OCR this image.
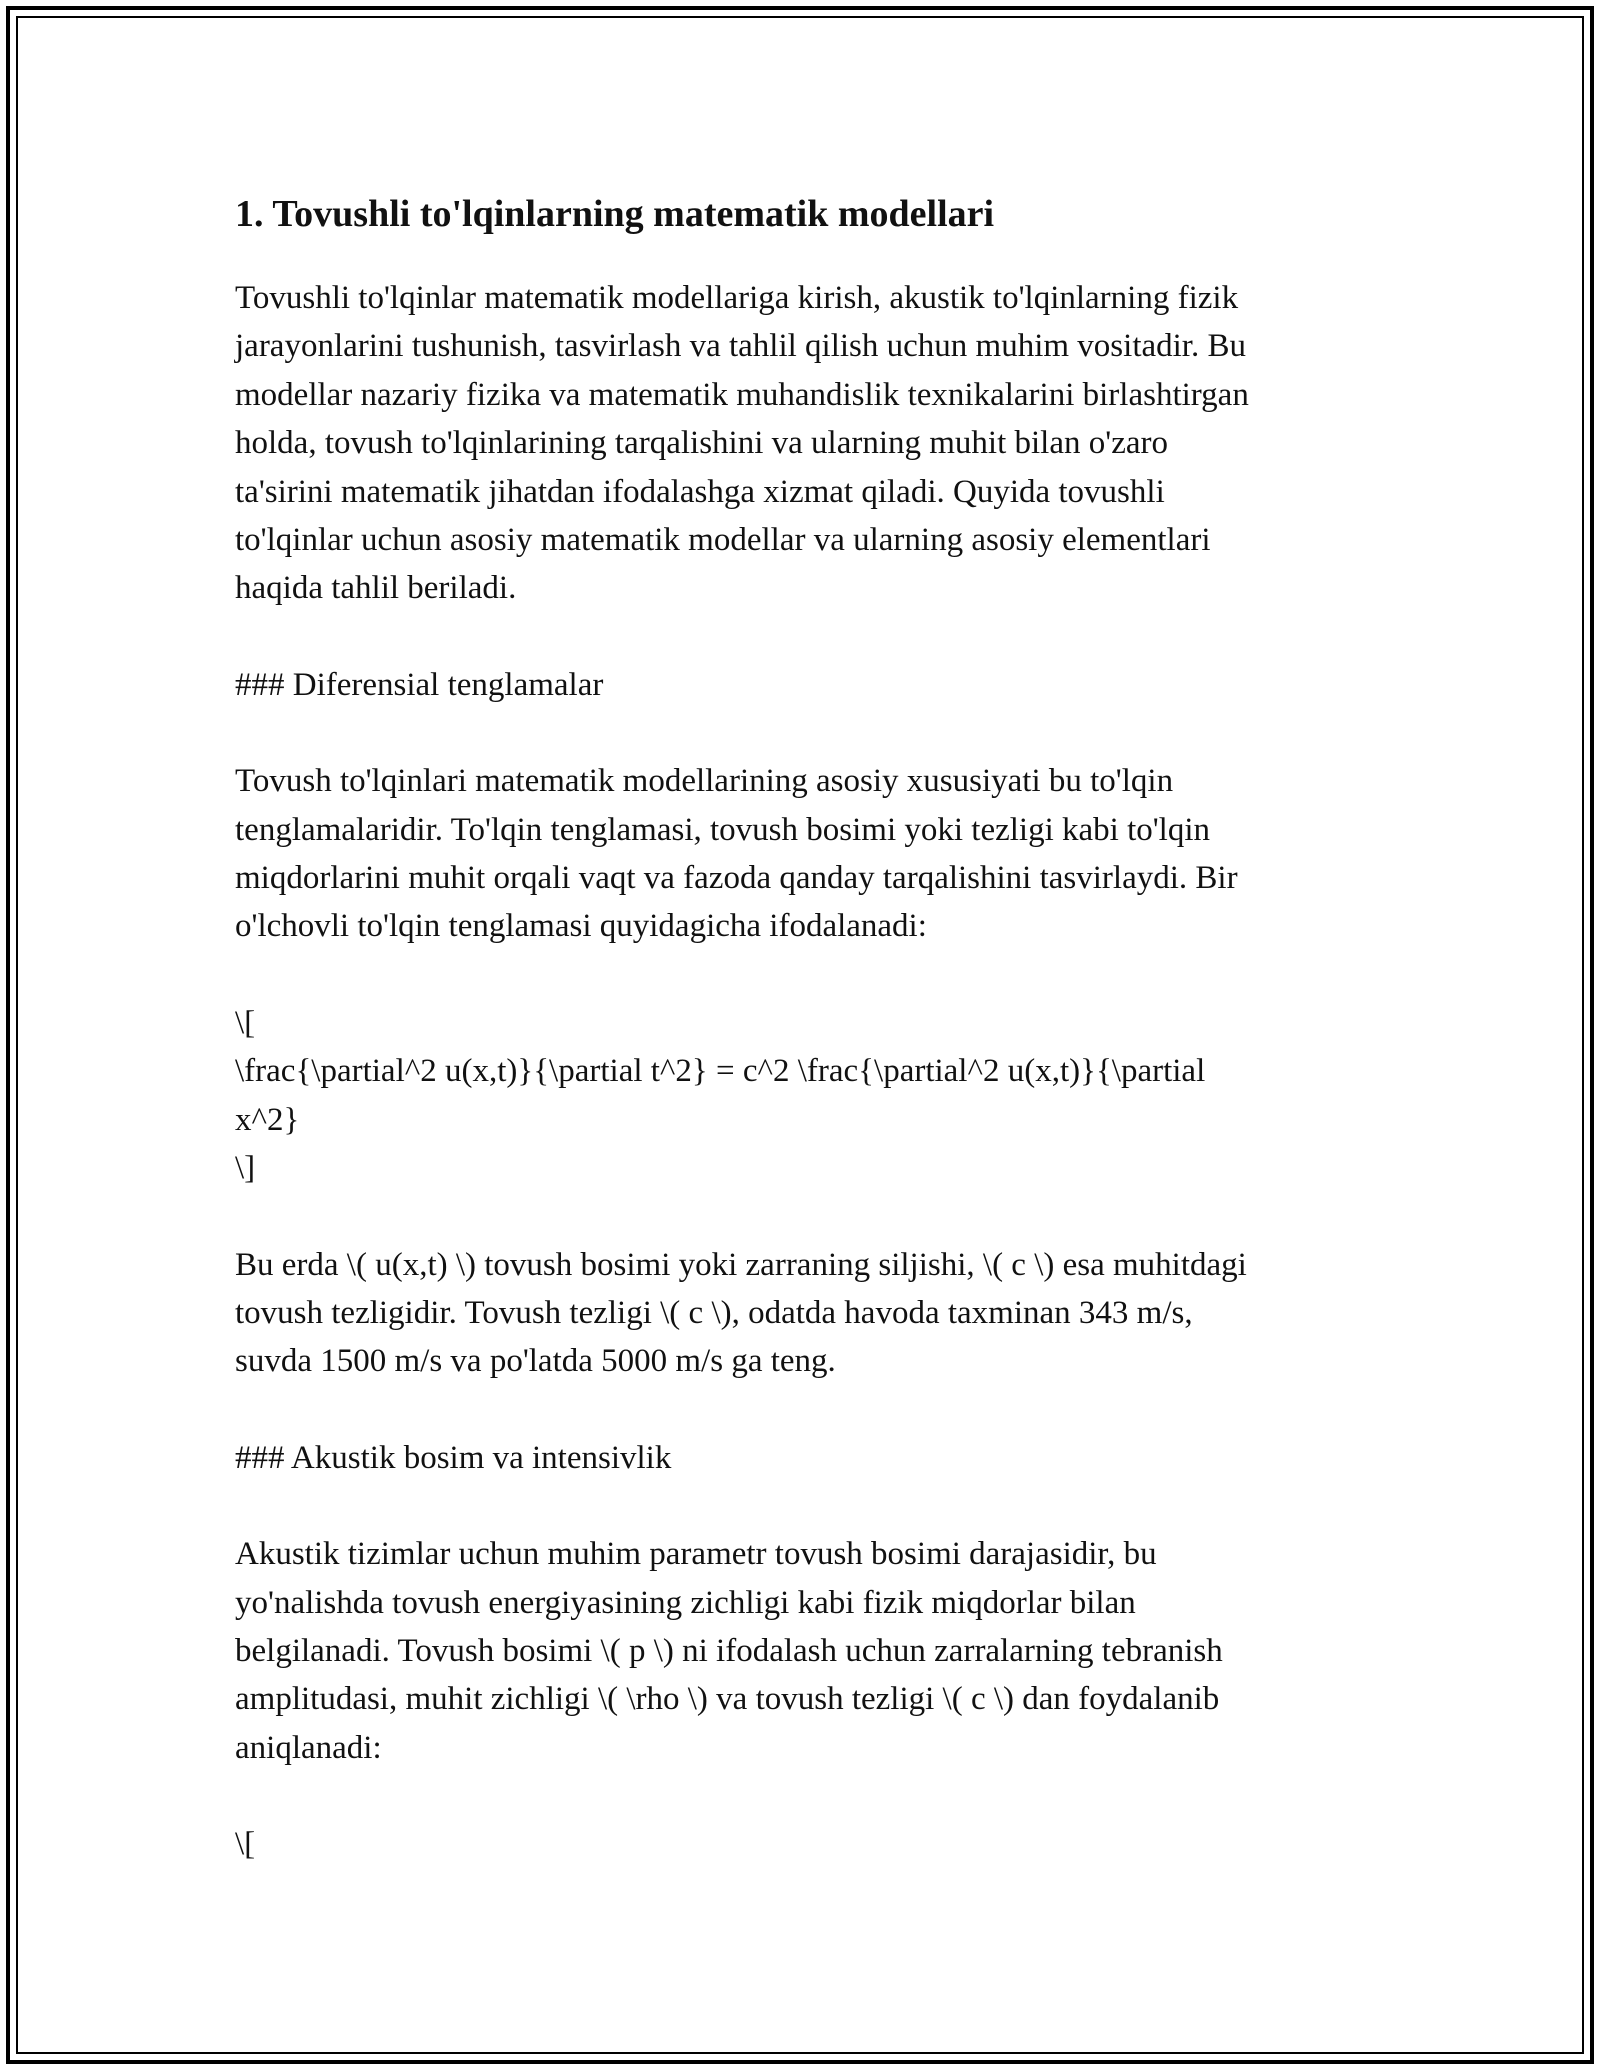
1. Tovushli to'lqinlarning matematik modellari

Tovushli to'lqinlar matematik modellariga kirish, akustik to'lqinlarning fizik
jarayonlarini tushunish, tasvirlash va tahlil qilish uchun muhim vositadir. Bu
modellar nazariy fizika va matematik muhandislik texnikalarini birlashtirgan
holda, tovush to'lqinlarining tarqalishini va ularning muhit bilan o'zaro
ta'sirini matematik jihatdan ifodalashga xizmat qiladi. Quyida tovushli
to'lqinlar uchun asosiy matematik modellar va ularning asosiy elementlari
haqida tahlil beriladi.

### Diferensial tenglamalar

Tovush to'lqinlari matematik modellarining asosiy xususiyati bu to'lqin
tenglamalaridir. To'lqin tenglamasi, tovush bosimi yoki tezligi kabi to'lqin
miqdorlarini muhit orqali vaqt va fazoda qanday tarqalishini tasvirlaydi. Bir
o'lchovli to'lqin tenglamasi quyidagicha ifodalanadi:

\[
\frac{\partial^2 u(x,t)}{\partial t^2} = c^2 \frac{\partial^2 u(x,t)}{\partial
x^2}
\]

Bu erda \( u(x,t) \) tovush bosimi yoki zarraning siljishi, \( c \) esa muhitdagi
tovush tezligidir. Tovush tezligi \( c \), odatda havoda taxminan 343 m/s,
suvda 1500 m/s va po'latda 5000 m/s ga teng.

### Akustik bosim va intensivlik

Akustik tizimlar uchun muhim parametr tovush bosimi darajasidir, bu
yo'nalishda tovush energiyasining zichligi kabi fizik miqdorlar bilan
belgilanadi. Tovush bosimi \( p \) ni ifodalash uchun zarralarning tebranish
amplitudasi, muhit zichligi \( \rho \) va tovush tezligi \( c \) dan foydalanib
aniqlanadi:

\[
